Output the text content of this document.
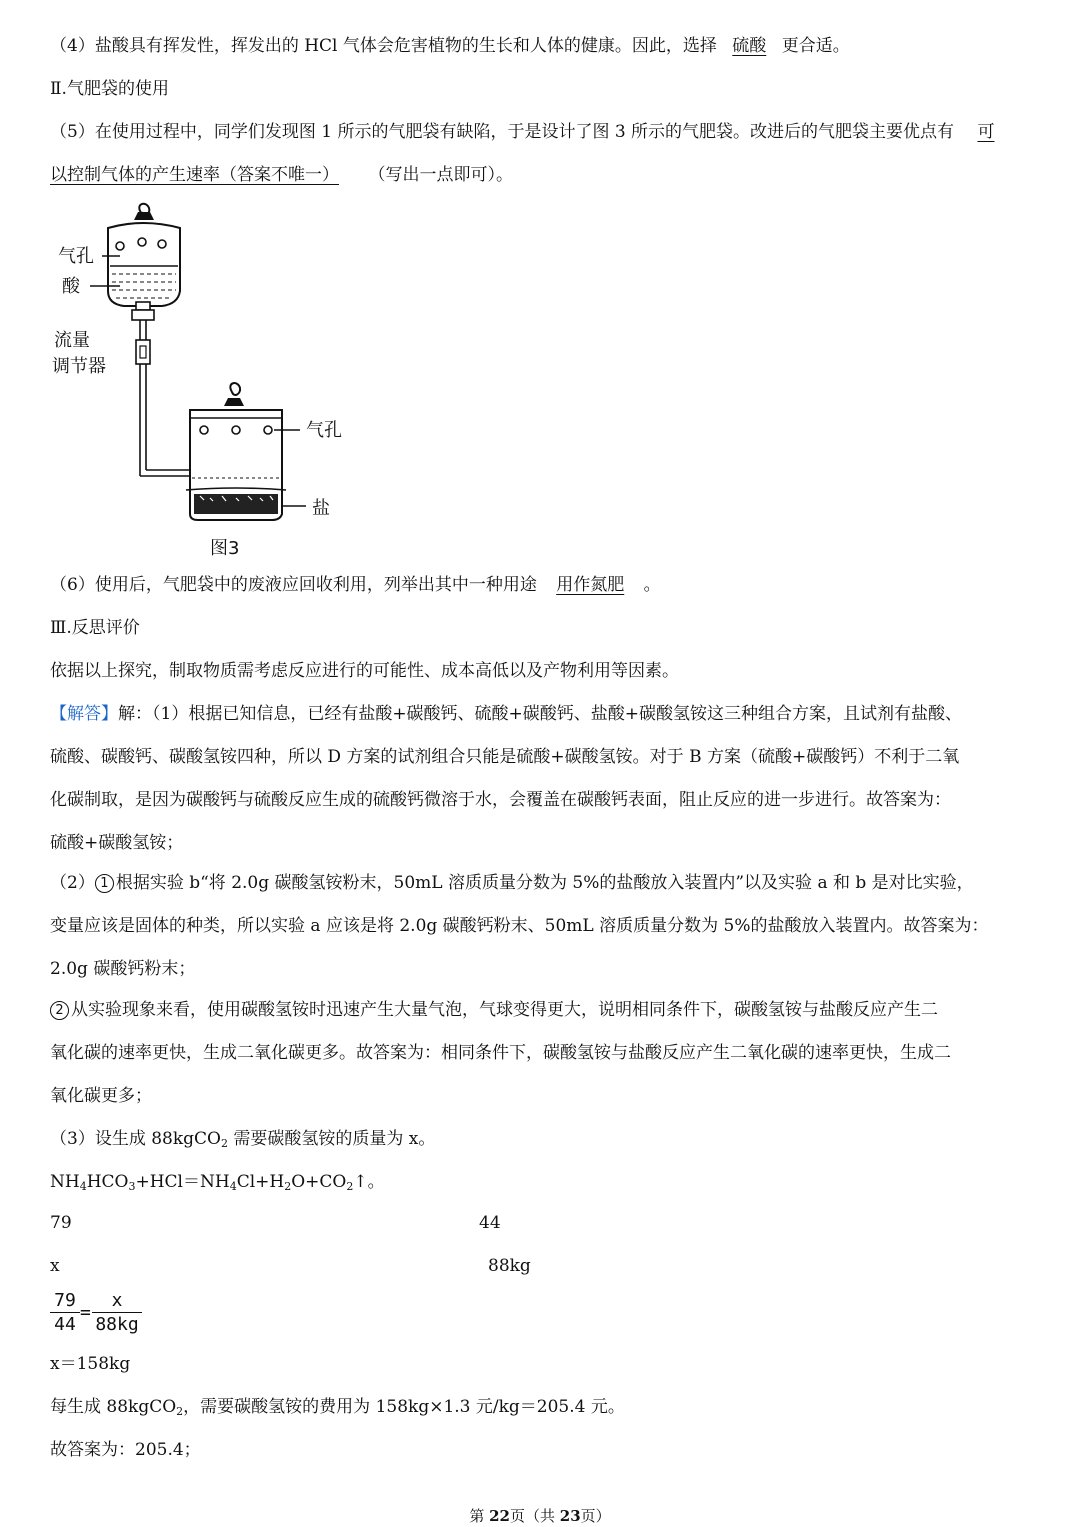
（4）盐酸具有挥发性，挥发出的 HCl 气体会危害植物的生长和人体的健康。因此，选择 硫酸 更合适。
Ⅱ.气肥袋的使用
（5）在使用过程中，同学们发现图 1 所示的气肥袋有缺陷，于是设计了图 3 所示的气肥袋。改进后的气肥袋主要优点有 可
以控制气体的产生速率（答案不唯一） （写出一点即可）。
气孔
酸
流量
调节器
气孔
盐
图3
（6）使用后，气肥袋中的废液应回收利用，列举出其中一种用途 用作氮肥 。
Ⅲ.反思评价
依据以上探究，制取物质需考虑反应进行的可能性、成本高低以及产物利用等因素。
【解答】解：（1）根据已知信息，已经有盐酸+碳酸钙、硫酸+碳酸钙、盐酸+碳酸氢铵这三种组合方案，且试剂有盐酸、
硫酸、碳酸钙、碳酸氢铵四种，所以 D 方案的试剂组合只能是硫酸+碳酸氢铵。对于 B 方案（硫酸+碳酸钙）不利于二氧
化碳制取，是因为碳酸钙与硫酸反应生成的硫酸钙微溶于水，会覆盖在碳酸钙表面，阻止反应的进一步进行。故答案为：
硫酸+碳酸氢铵；
（2） 1 根据实验 b“将 2.0g 碳酸氢铵粉末，50mL 溶质质量分数为 5%的盐酸放入装置内”以及实验 a 和 b 是对比实验，
变量应该是固体的种类，所以实验 a 应该是将 2.0g 碳酸钙粉末、50mL 溶质质量分数为 5%的盐酸放入装置内。故答案为：
2.0g 碳酸钙粉末；
2 从实验现象来看，使用碳酸氢铵时迅速产生大量气泡，气球变得更大，说明相同条件下，碳酸氢铵与盐酸反应产生二
氧化碳的速率更快，生成二氧化碳更多。故答案为：相同条件下，碳酸氢铵与盐酸反应产生二氧化碳的速率更快，生成二
氧化碳更多；
（3）设生成 88kgCO$_2$ 需要碳酸氢铵的质量为 x。
$NH_4HCO_3+HCl=NH_4Cl+H_2O+CO_2↑$。
79	44
x	88kg
79
44
=
x
88kg
x＝158kg
每生成 88kgCO$_2$，需要碳酸氢铵的费用为 158kg×1.3 元/kg＝205.4 元。
故答案为：205.4；
第 22页（共 23页）
